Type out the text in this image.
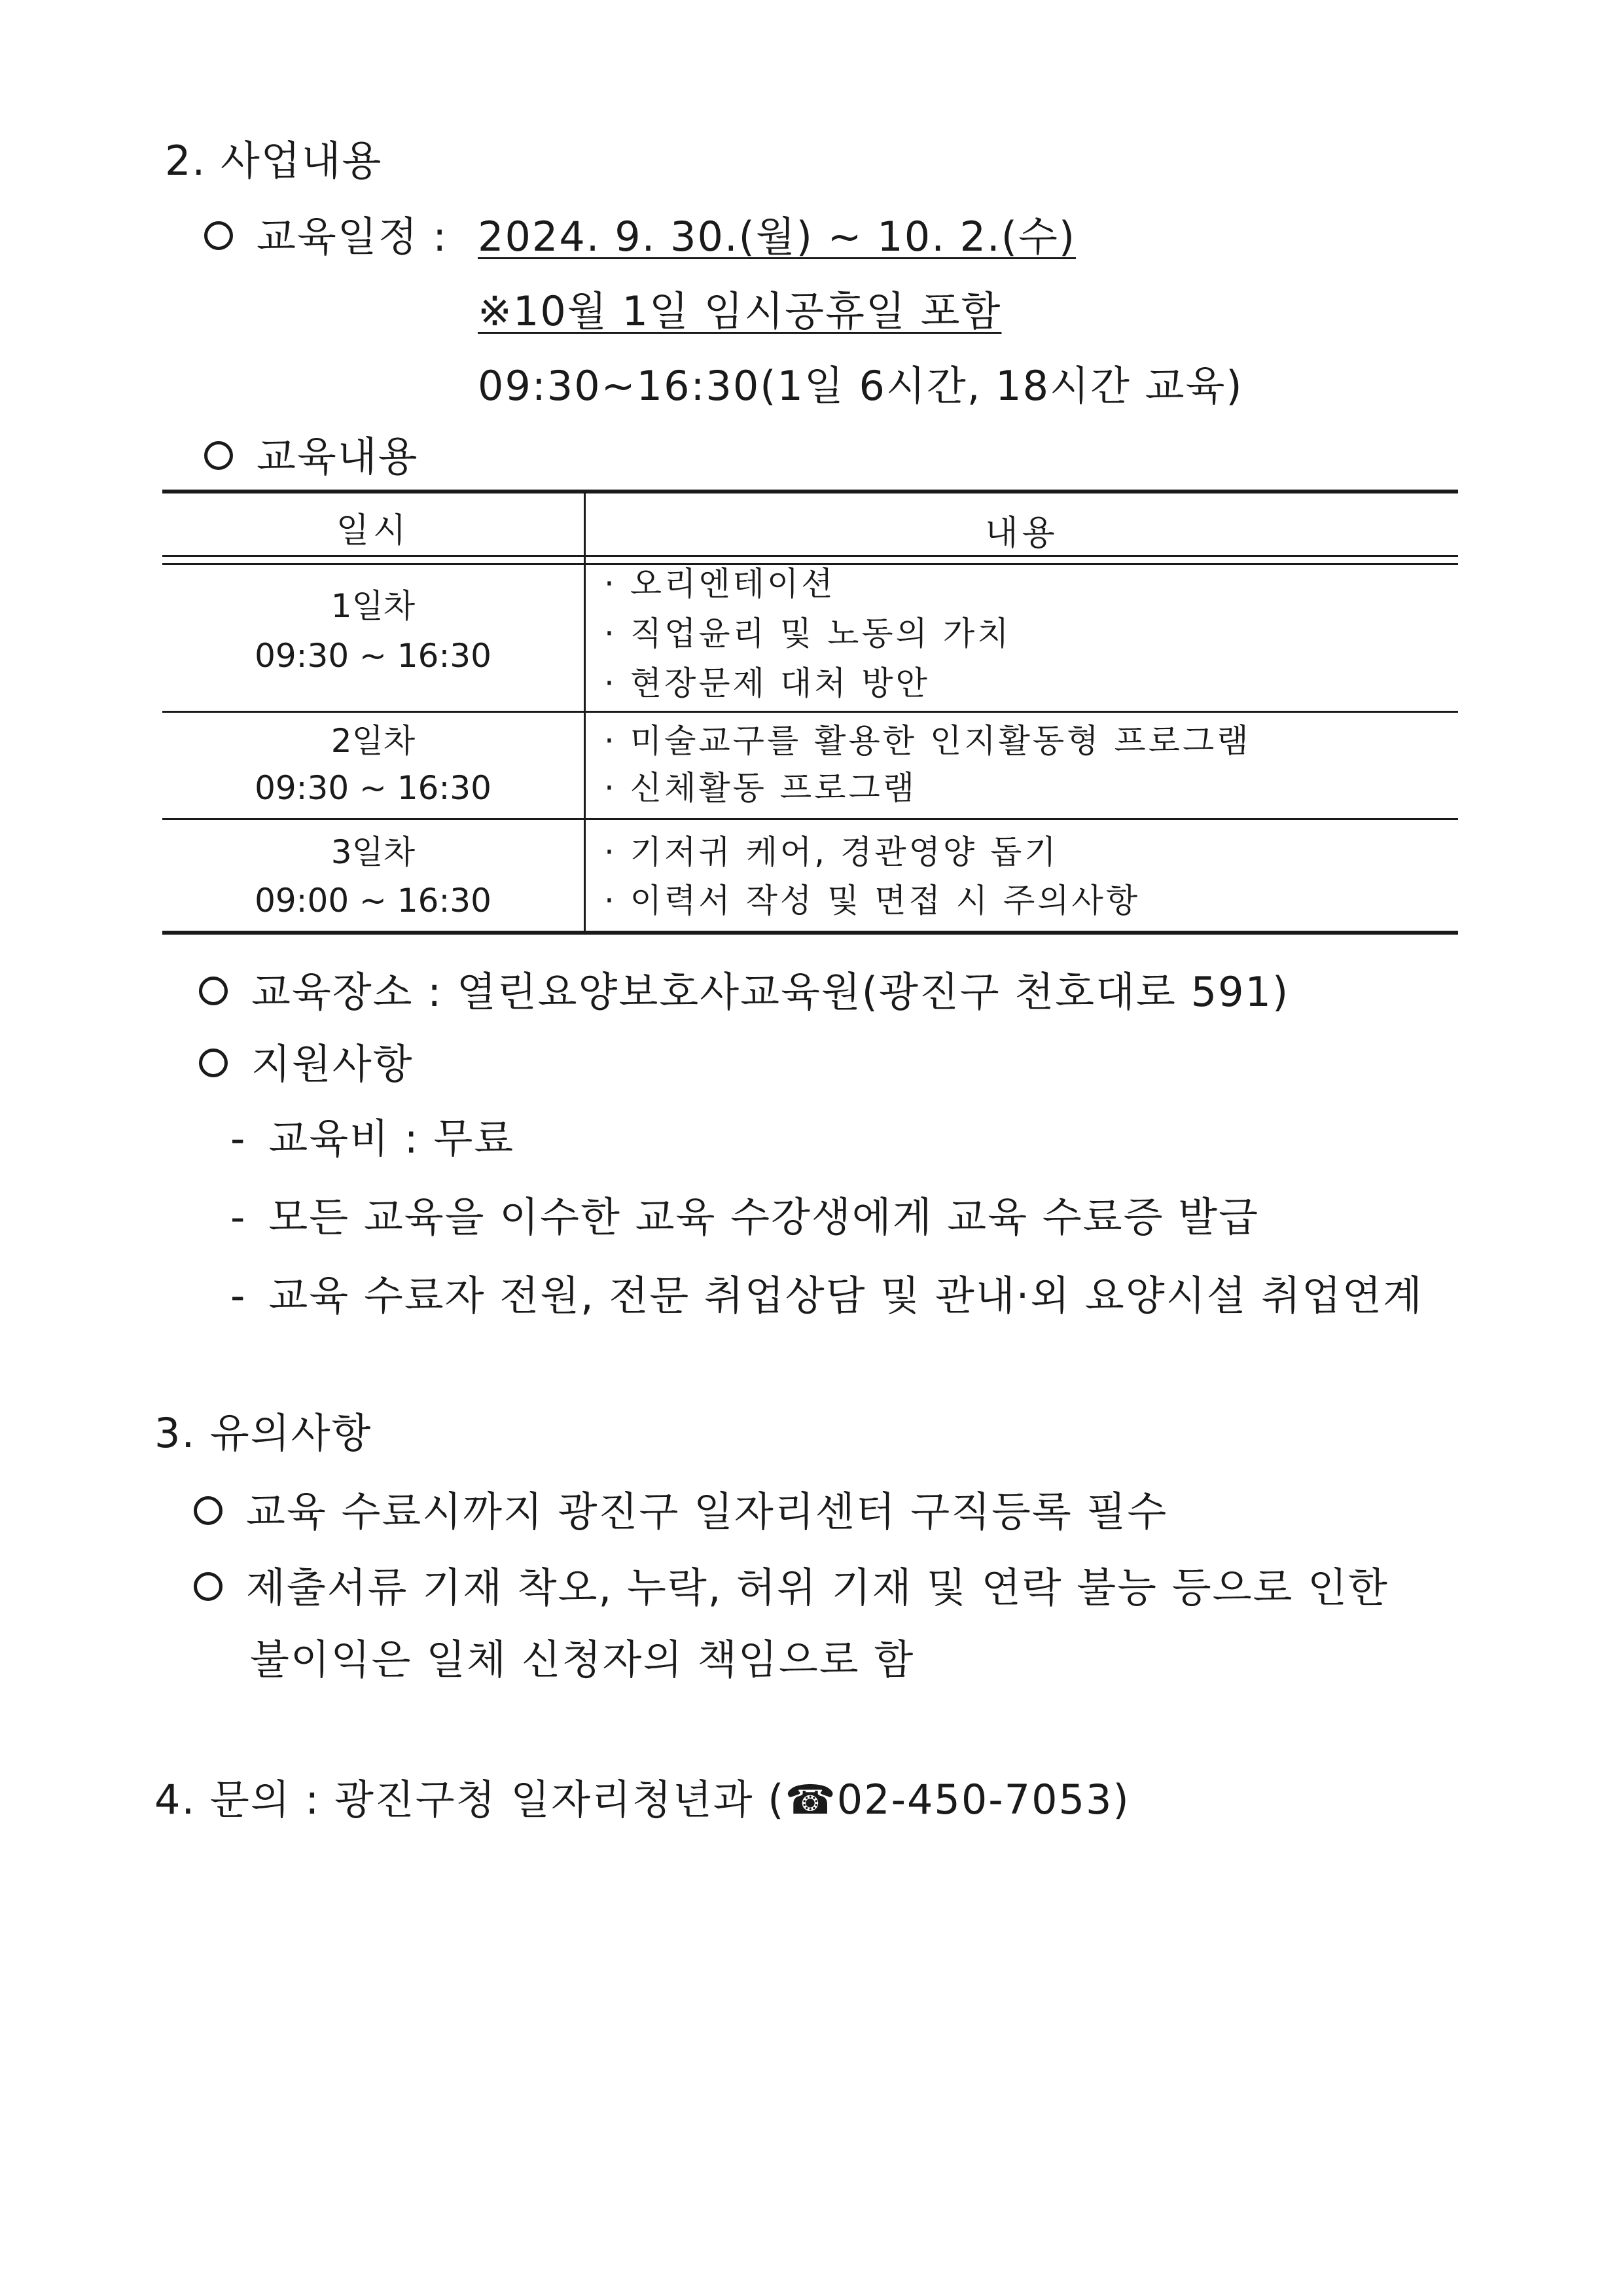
2. 사업내용
교육일정 : 2024. 9. 30.(월) ~ 10. 2.(수)
※10월 1일 임시공휴일 포함
09:30~16:30(1일 6시간, 18시간 교육)
교육내용
일시	내용
1일차
09:30 ~ 16:30
· 오리엔테이션
· 직업윤리 및 노동의 가치
· 현장문제 대처 방안
2일차
09:30 ~ 16:30
· 미술교구를 활용한 인지활동형 프로그램
· 신체활동 프로그램
3일차
09:00 ~ 16:30
· 기저귀 케어, 경관영양 돕기
· 이력서 작성 및 면접 시 주의사항
교육장소 : 열린요양보호사교육원(광진구 천호대로 591)
지원사항
- 교육비 : 무료
- 모든 교육을 이수한 교육 수강생에게 교육 수료증 발급
- 교육 수료자 전원, 전문 취업상담 및 관내·외 요양시설 취업연계
3. 유의사항
교육 수료시까지 광진구 일자리센터 구직등록 필수
제출서류 기재 착오, 누락, 허위 기재 및 연락 불능 등으로 인한
불이익은 일체 신청자의 책임으로 함
4. 문의 : 광진구청 일자리청년과 (☎02-450-7053)
